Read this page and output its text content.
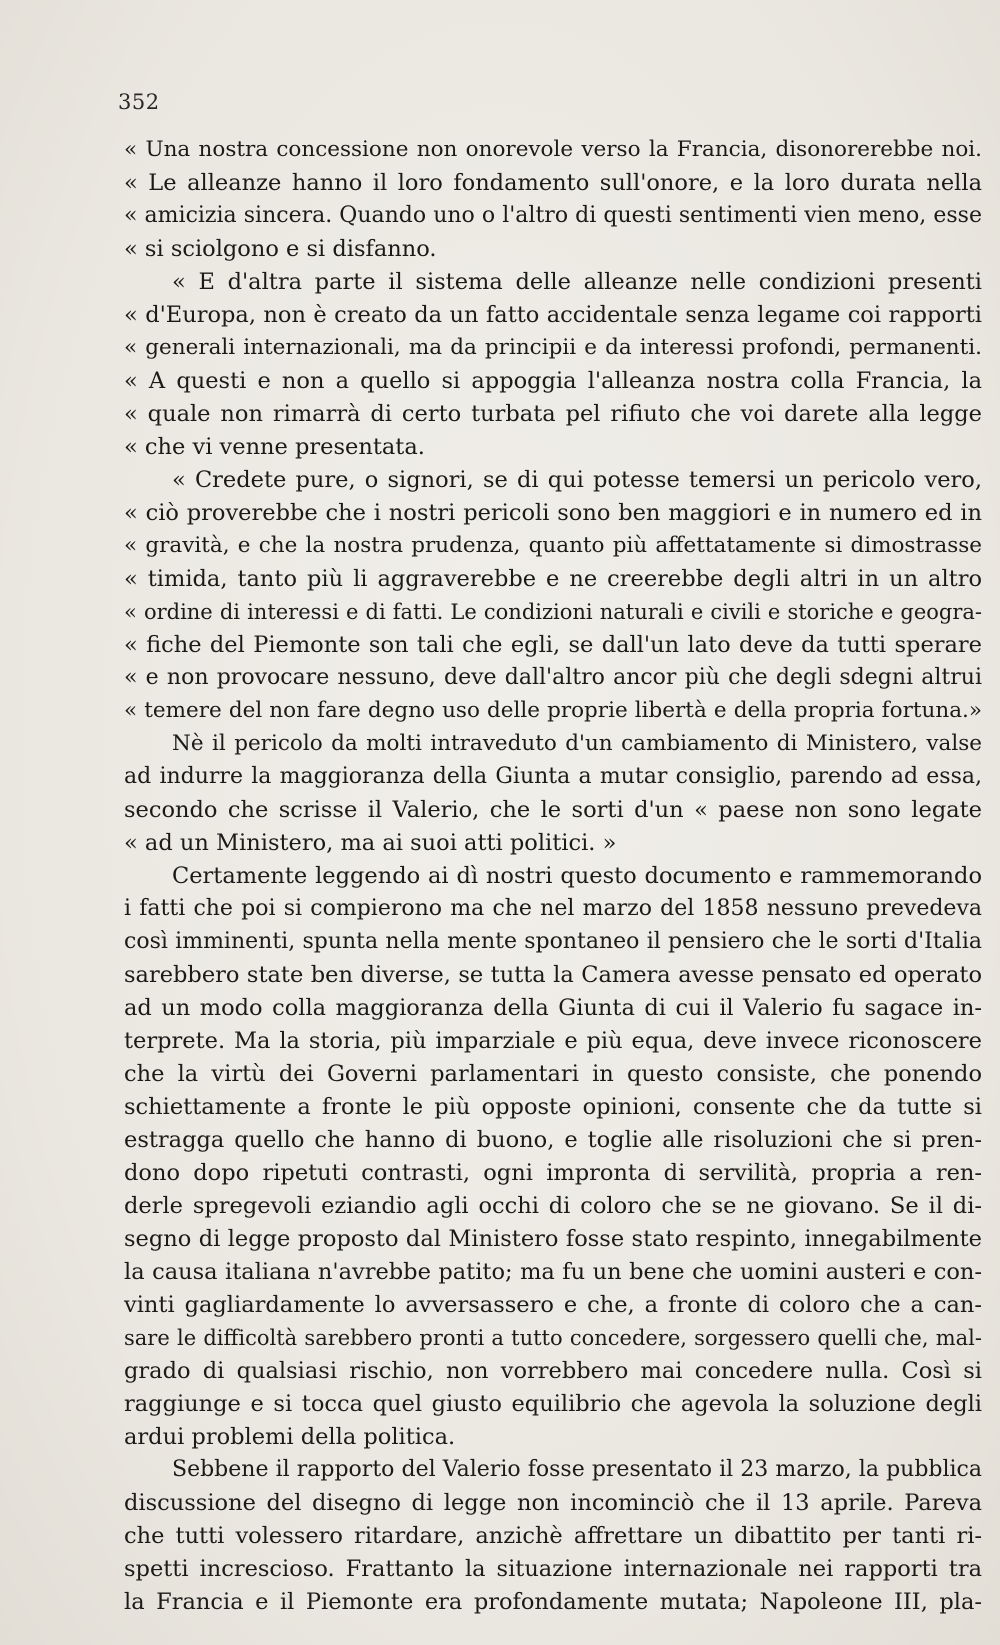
352
« Una nostra concessione non onorevole verso la Francia, disonorerebbe noi.
« Le alleanze hanno il loro fondamento sull'onore, e la loro durata nella
« amicizia sincera. Quando uno o l'altro di questi sentimenti vien meno, esse
« si sciolgono e si disfanno.
« E d'altra parte il sistema delle alleanze nelle condizioni presenti
« d'Europa, non è creato da un fatto accidentale senza legame coi rapporti
« generali internazionali, ma da principii e da interessi profondi, permanenti.
« A questi e non a quello si appoggia l'alleanza nostra colla Francia, la
« quale non rimarrà di certo turbata pel rifiuto che voi darete alla legge
« che vi venne presentata.
« Credete pure, o signori, se di qui potesse temersi un pericolo vero,
« ciò proverebbe che i nostri pericoli sono ben maggiori e in numero ed in
« gravità, e che la nostra prudenza, quanto più affettatamente si dimostrasse
« timida, tanto più li aggraverebbe e ne creerebbe degli altri in un altro
« ordine di interessi e di fatti. Le condizioni naturali e civili e storiche e geogra-
« fiche del Piemonte son tali che egli, se dall'un lato deve da tutti sperare
« e non provocare nessuno, deve dall'altro ancor più che degli sdegni altrui
« temere del non fare degno uso delle proprie libertà e della propria fortuna.»
Nè il pericolo da molti intraveduto d'un cambiamento di Ministero, valse
ad indurre la maggioranza della Giunta a mutar consiglio, parendo ad essa,
secondo che scrisse il Valerio, che le sorti d'un « paese non sono legate
« ad un Ministero, ma ai suoi atti politici. »
Certamente leggendo ai dì nostri questo documento e rammemorando
i fatti che poi si compierono ma che nel marzo del 1858 nessuno prevedeva
così imminenti, spunta nella mente spontaneo il pensiero che le sorti d'Italia
sarebbero state ben diverse, se tutta la Camera avesse pensato ed operato
ad un modo colla maggioranza della Giunta di cui il Valerio fu sagace in-
terprete. Ma la storia, più imparziale e più equa, deve invece riconoscere
che la virtù dei Governi parlamentari in questo consiste, che ponendo
schiettamente a fronte le più opposte opinioni, consente che da tutte si
estragga quello che hanno di buono, e toglie alle risoluzioni che si pren-
dono dopo ripetuti contrasti, ogni impronta di servilità, propria a ren-
derle spregevoli eziandio agli occhi di coloro che se ne giovano. Se il di-
segno di legge proposto dal Ministero fosse stato respinto, innegabilmente
la causa italiana n'avrebbe patito; ma fu un bene che uomini austeri e con-
vinti gagliardamente lo avversassero e che, a fronte di coloro che a can-
sare le difficoltà sarebbero pronti a tutto concedere, sorgessero quelli che, mal-
grado di qualsiasi rischio, non vorrebbero mai concedere nulla. Così si
raggiunge e si tocca quel giusto equilibrio che agevola la soluzione degli
ardui problemi della politica.
Sebbene il rapporto del Valerio fosse presentato il 23 marzo, la pubblica
discussione del disegno di legge non incominciò che il 13 aprile. Pareva
che tutti volessero ritardare, anzichè affrettare un dibattito per tanti ri-
spetti increscioso. Frattanto la situazione internazionale nei rapporti tra
la Francia e il Piemonte era profondamente mutata; Napoleone III, pla-
